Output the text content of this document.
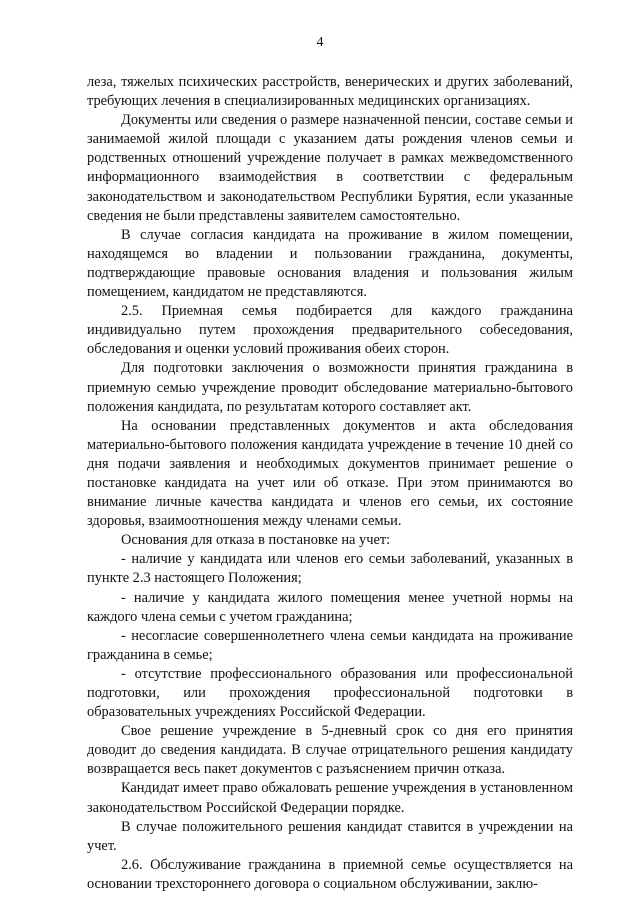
4

леза, тяжелых психических расстройств, венерических и других заболеваний, требующих лечения в специализированных медицинских организациях.

Документы или сведения о размере назначенной пенсии, составе семьи и занимаемой жилой площади с указанием даты рождения членов семьи и родственных отношений учреждение получает в рамках межведомственного информационного взаимодействия в соответствии с федеральным законодательством и законодательством Республики Бурятия, если указанные сведения не были представлены заявителем самостоятельно.

В случае согласия кандидата на проживание в жилом помещении, находящемся во владении и пользовании гражданина, документы, подтверждающие правовые основания владения и пользования жилым помещением, кандидатом не представляются.

2.5. Приемная семья подбирается для каждого гражданина индивидуально путем прохождения предварительного собеседования, обследования и оценки условий проживания обеих сторон.

Для подготовки заключения о возможности принятия гражданина в приемную семью учреждение проводит обследование материально-бытового положения кандидата, по результатам которого составляет акт.

На основании представленных документов и акта обследования материально-бытового положения кандидата учреждение в течение 10 дней со дня подачи заявления и необходимых документов принимает решение о постановке кандидата на учет или об отказе. При этом принимаются во внимание личные качества кандидата и членов его семьи, их состояние здоровья, взаимоотношения между членами семьи.

Основания для отказа в постановке на учет:

- наличие у кандидата или членов его семьи заболеваний, указанных в пункте 2.3 настоящего Положения;

- наличие у кандидата жилого помещения менее учетной нормы на каждого члена семьи с учетом гражданина;

- несогласие совершеннолетнего члена семьи кандидата на проживание гражданина в семье;

- отсутствие профессионального образования или профессиональной подготовки, или прохождения профессиональной подготовки в образовательных учреждениях Российской Федерации.

Свое решение учреждение в 5-дневный срок со дня его принятия доводит до сведения кандидата. В случае отрицательного решения кандидату возвращается весь пакет документов с разъяснением причин отказа.

Кандидат имеет право обжаловать решение учреждения в установленном законодательством Российской Федерации порядке.

В случае положительного решения кандидат ставится в учреждении на учет.

2.6. Обслуживание гражданина в приемной семье осуществляется на основании трехстороннего договора о социальном обслуживании, заклю-
